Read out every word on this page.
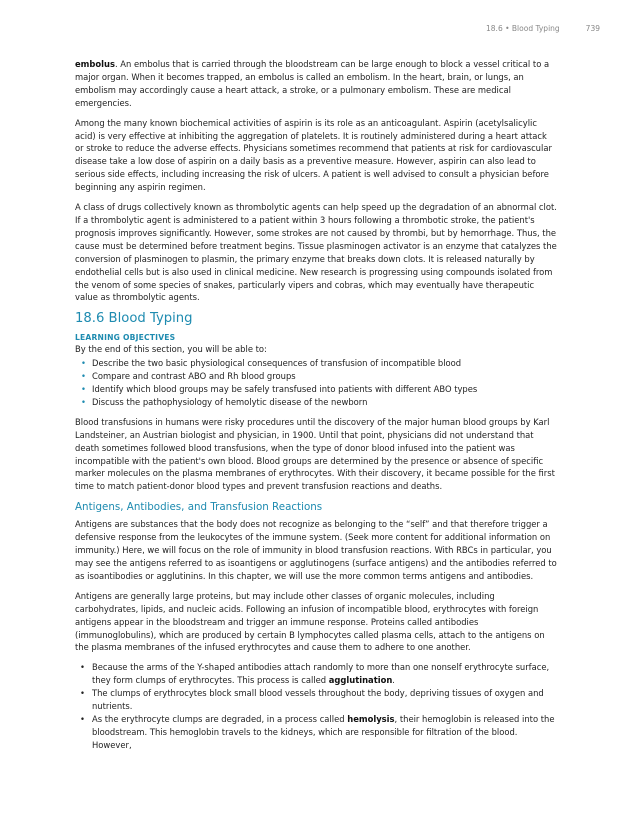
18.6 • Blood Typing	739

embolus. An embolus that is carried through the bloodstream can be large enough to block a vessel critical to a major organ. When it becomes trapped, an embolus is called an embolism. In the heart, brain, or lungs, an embolism may accordingly cause a heart attack, a stroke, or a pulmonary embolism. These are medical emergencies.

Among the many known biochemical activities of aspirin is its role as an anticoagulant. Aspirin (acetylsalicylic acid) is very effective at inhibiting the aggregation of platelets. It is routinely administered during a heart attack or stroke to reduce the adverse effects. Physicians sometimes recommend that patients at risk for cardiovascular disease take a low dose of aspirin on a daily basis as a preventive measure. However, aspirin can also lead to serious side effects, including increasing the risk of ulcers. A patient is well advised to consult a physician before beginning any aspirin regimen.

A class of drugs collectively known as thrombolytic agents can help speed up the degradation of an abnormal clot. If a thrombolytic agent is administered to a patient within 3 hours following a thrombotic stroke, the patient's prognosis improves significantly. However, some strokes are not caused by thrombi, but by hemorrhage. Thus, the cause must be determined before treatment begins. Tissue plasminogen activator is an enzyme that catalyzes the conversion of plasminogen to plasmin, the primary enzyme that breaks down clots. It is released naturally by endothelial cells but is also used in clinical medicine. New research is progressing using compounds isolated from the venom of some species of snakes, particularly vipers and cobras, which may eventually have therapeutic value as thrombolytic agents.

18.6 Blood Typing
LEARNING OBJECTIVES
By the end of this section, you will be able to:
• Describe the two basic physiological consequences of transfusion of incompatible blood
• Compare and contrast ABO and Rh blood groups
• Identify which blood groups may be safely transfused into patients with different ABO types
• Discuss the pathophysiology of hemolytic disease of the newborn

Blood transfusions in humans were risky procedures until the discovery of the major human blood groups by Karl Landsteiner, an Austrian biologist and physician, in 1900. Until that point, physicians did not understand that death sometimes followed blood transfusions, when the type of donor blood infused into the patient was incompatible with the patient's own blood. Blood groups are determined by the presence or absence of specific marker molecules on the plasma membranes of erythrocytes. With their discovery, it became possible for the first time to match patient-donor blood types and prevent transfusion reactions and deaths.

Antigens, Antibodies, and Transfusion Reactions

Antigens are substances that the body does not recognize as belonging to the “self” and that therefore trigger a defensive response from the leukocytes of the immune system. (Seek more content for additional information on immunity.) Here, we will focus on the role of immunity in blood transfusion reactions. With RBCs in particular, you may see the antigens referred to as isoantigens or agglutinogens (surface antigens) and the antibodies referred to as isoantibodies or agglutinins. In this chapter, we will use the more common terms antigens and antibodies.

Antigens are generally large proteins, but may include other classes of organic molecules, including carbohydrates, lipids, and nucleic acids. Following an infusion of incompatible blood, erythrocytes with foreign antigens appear in the bloodstream and trigger an immune response. Proteins called antibodies (immunoglobulins), which are produced by certain B lymphocytes called plasma cells, attach to the antigens on the plasma membranes of the infused erythrocytes and cause them to adhere to one another.

• Because the arms of the Y-shaped antibodies attach randomly to more than one nonself erythrocyte surface, they form clumps of erythrocytes. This process is called agglutination.
• The clumps of erythrocytes block small blood vessels throughout the body, depriving tissues of oxygen and nutrients.
• As the erythrocyte clumps are degraded, in a process called hemolysis, their hemoglobin is released into the bloodstream. This hemoglobin travels to the kidneys, which are responsible for filtration of the blood. However,
